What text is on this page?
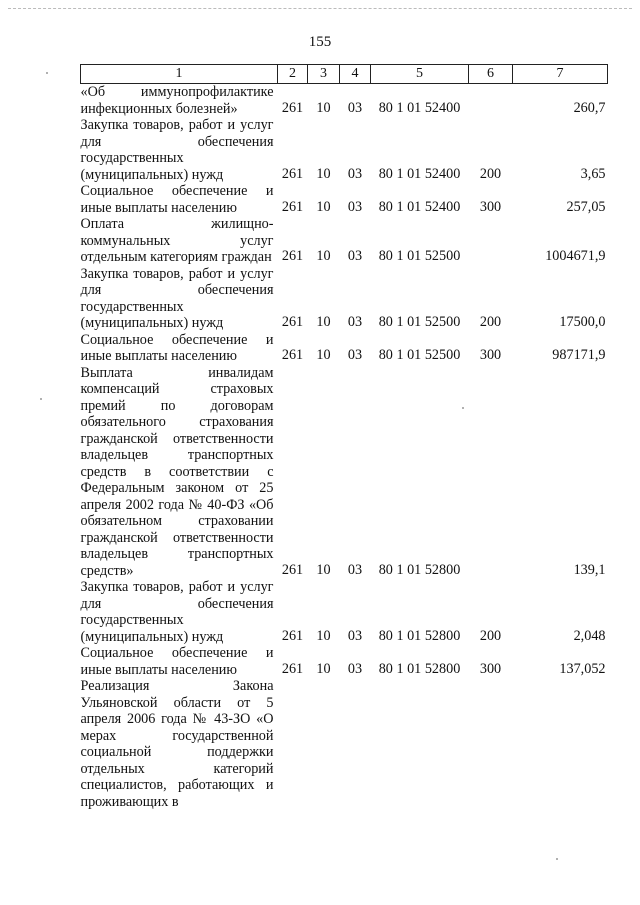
155
1	2	3	4	5	6	7
«Об иммунопрофилактике инфекционных болезней»	261	10	03	80 1 01 52400		260,7
Закупка товаров, работ и услуг для обеспечения государственных (муниципальных) нужд	261	10	03	80 1 01 52400	200	3,65
Социальное обеспечение и иные выплаты населению	261	10	03	80 1 01 52400	300	257,05
Оплата жилищно-коммунальных услуг отдельным категориям граждан	261	10	03	80 1 01 52500		1004671,9
Закупка товаров, работ и услуг для обеспечения государственных (муниципальных) нужд	261	10	03	80 1 01 52500	200	17500,0
Социальное обеспечение и иные выплаты населению	261	10	03	80 1 01 52500	300	987171,9
Выплата инвалидам компенсаций страховых премий по договорам обязательного страхования гражданской ответственности владельцев транспортных средств в соответствии с Федеральным законом от 25 апреля 2002 года № 40-ФЗ «Об обязательном страховании гражданской ответственности владельцев транспортных средств»	261	10	03	80 1 01 52800		139,1
Закупка товаров, работ и услуг для обеспечения государственных (муниципальных) нужд	261	10	03	80 1 01 52800	200	2,048
Социальное обеспечение и иные выплаты населению	261	10	03	80 1 01 52800	300	137,052
Реализация Закона Ульяновской области от 5 апреля 2006 года № 43-ЗО «О мерах государственной социальной поддержки отдельных категорий специалистов, работающих и проживающих в						
